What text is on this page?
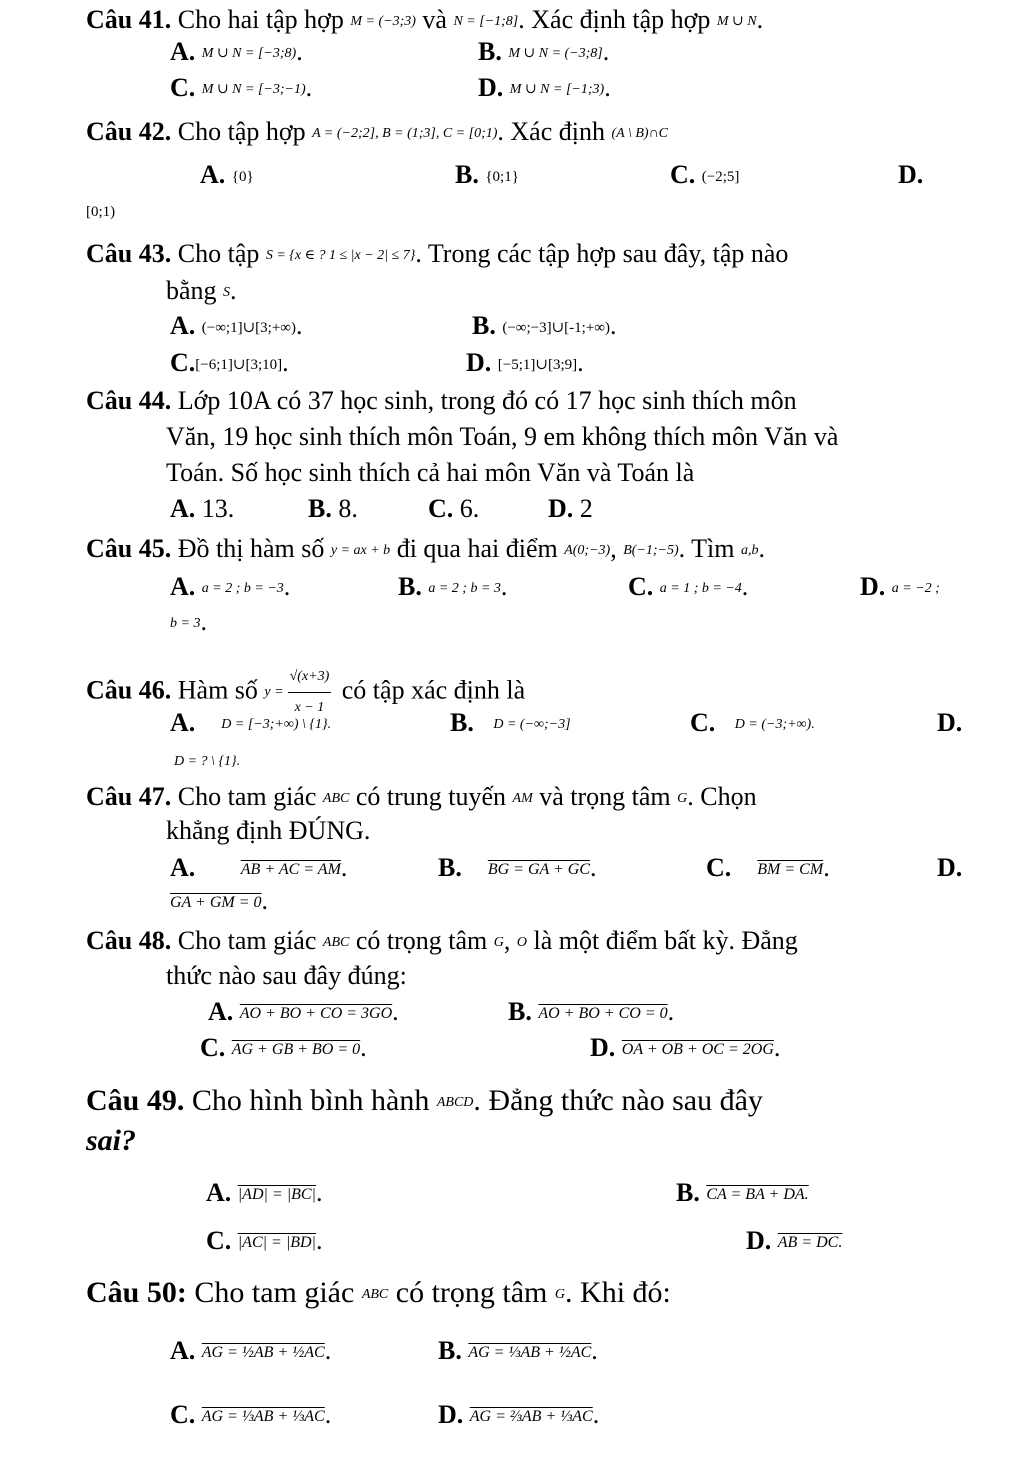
Câu 41. Cho hai tập hợp M = (−3;3) và N = [−1;8]. Xác định tập hợp M ∪ N.
A. M ∪ N = [−3;8).	B. M ∪ N = (−3;8].
C. M ∪ N = [−3;−1).	D. M ∪ N = [−1;3).
Câu 42. Cho tập hợp A = (−2;2], B = (1;3], C = [0;1). Xác định (A \ B)∩C
A. {0}	B. {0;1}	C. (−2;5]	D.
[0;1)
Câu 43. Cho tập S = {x ∈ ? 1 ≤ |x − 2| ≤ 7}. Trong các tập hợp sau đây, tập nào
bằng S.
A. (−∞;1]∪[3;+∞).	B. (−∞;−3]∪[-1;+∞).
C.[−6;1]∪[3;10].	D. [−5;1]∪[3;9].
Câu 44. Lớp 10A có 37 học sinh, trong đó có 17 học sinh thích môn
Văn, 19 học sinh thích môn Toán, 9 em không thích môn Văn và
Toán. Số học sinh thích cả hai môn Văn và Toán là
A. 13.	B. 8.	C. 6.	D. 2
Câu 45. Đồ thị hàm số y = ax + b đi qua hai điểm A(0;−3), B(−1;−5). Tìm a,b.
A. a = 2 ; b = −3.	B. a = 2 ; b = 3.	C. a = 1 ; b = −4.	D. a = −2 ;
b = 3.
Câu 46. Hàm số $y = \frac{√(x+3)}{x - 1}$ có tập xác định là
A. D = [−3;+∞) \ {1}.	B. D = (−∞;−3]	C. D = (−3;+∞).	D.
D = ? \ {1}.
Câu 47. Cho tam giác ABC có trung tuyến AM và trọng tâm G. Chọn
khẳng định ĐÚNG.
A.	AB + AC = AM.	B. BG = GA + GC.	C. BM = CM.	D.
GA + GM = 0.
Câu 48. Cho tam giác ABC có trọng tâm G, O là một điểm bất kỳ. Đẳng
thức nào sau đây đúng:
A. AO + BO + CO = 3GO.	B. AO + BO + CO = 0.
C. AG + GB + BO = 0.	D. OA + OB + OC = 2OG.
Câu 49. Cho hình bình hành ABCD. Đẳng thức nào sau đây
sai?
A. |AD| = |BC|.	B. CA = BA + DA.
C. |AC| = |BD|.	D. AB = DC.
Câu 50: Cho tam giác ABC có trọng tâm G. Khi đó:
A. AG = ½AB + ½AC.	B. AG = ⅓AB + ½AC.
C. AG = ⅓AB + ⅓AC.	D. AG = ⅔AB + ⅓AC.
